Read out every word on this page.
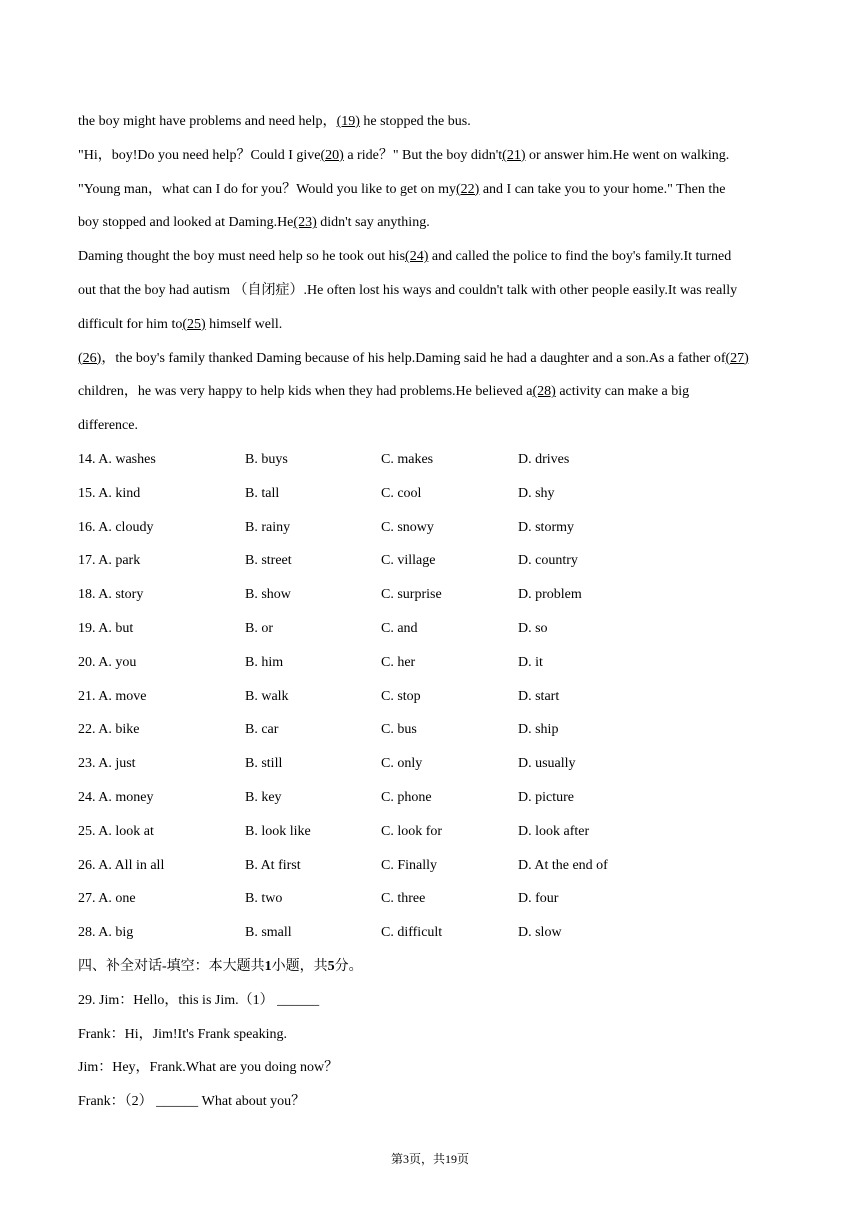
the boy might have problems and need help，(19) he stopped the bus.
"Hi，boy!Do you need help？Could I give(20) a ride？" But the boy didn't(21) or answer him.He went on walking.
"Young man，what can I do for you？Would you like to get on my(22) and I can take you to your home." Then the
boy stopped and looked at Daming.He(23) didn't say anything.
Daming thought the boy must need help so he took out his(24) and called the police to find the boy's family.It turned
out that the boy had autism （自闭症）.He often lost his ways and couldn't talk with other people easily.It was really
difficult for him to(25) himself well.
(26)，the boy's family thanked Daming because of his help.Daming said he had a daughter and a son.As a father of(27)
children，he was very happy to help kids when they had problems.He believed a(28) activity can make a big
difference.
14. A. washes	B. buys	C. makes	D. drives
15. A. kind	B. tall	C. cool	D. shy
16. A. cloudy	B. rainy	C. snowy	D. stormy
17. A. park	B. street	C. village	D. country
18. A. story	B. show	C. surprise	D. problem
19. A. but	B. or	C. and	D. so
20. A. you	B. him	C. her	D. it
21. A. move	B. walk	C. stop	D. start
22. A. bike	B. car	C. bus	D. ship
23. A. just	B. still	C. only	D. usually
24. A. money	B. key	C. phone	D. picture
25. A. look at	B. look like	C. look for	D. look after
26. A. All in all	B. At first	C. Finally	D. At the end of
27. A. one	B. two	C. three	D. four
28. A. big	B. small	C. difficult	D. slow
四、补全对话-填空：本大题共1小题，共5分。
29. Jim：Hello，this is Jim.（1） ______
Frank：Hi，Jim!It's Frank speaking.
Jim：Hey，Frank.What are you doing now？
Frank：（2） ______ What about you？
第3页，共19页
